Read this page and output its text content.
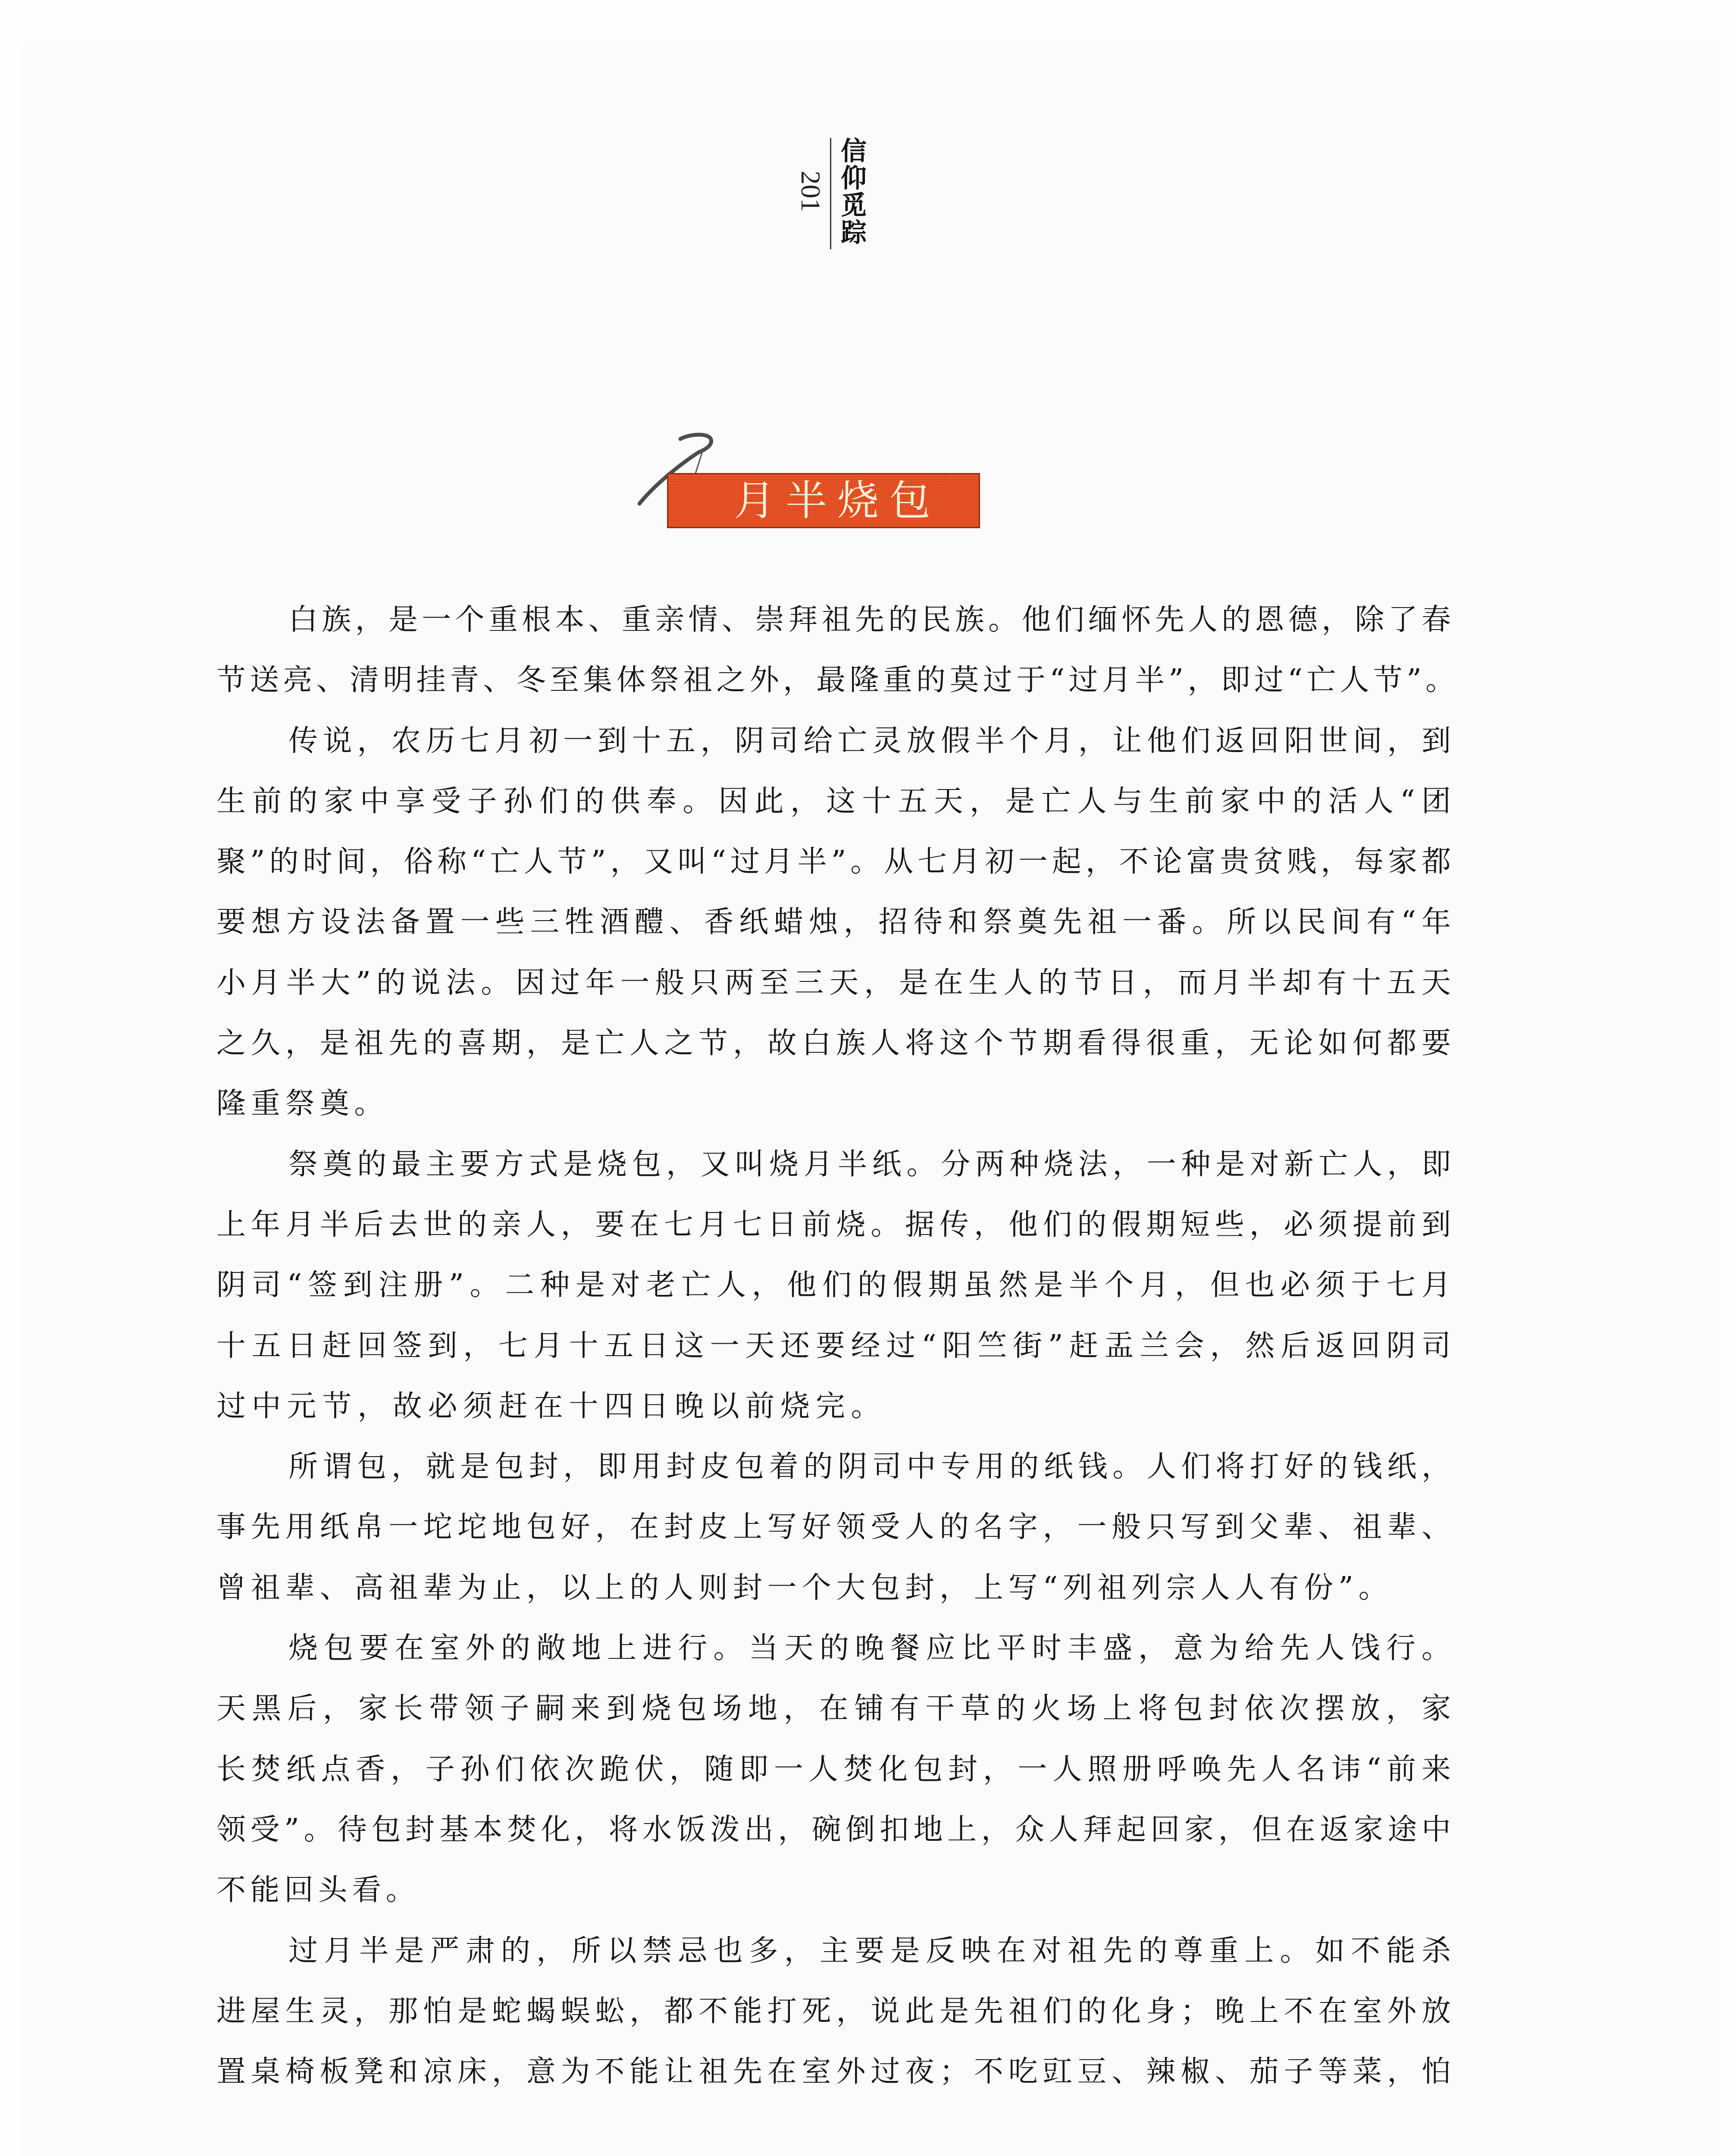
信仰觅踪
201
月半烧包
白族，是一个重根本、重亲情、崇拜祖先的民族。他们缅怀先人的恩德，除了春
节送亮、清明挂青、冬至集体祭祖之外，最隆重的莫过于“过月半”，即过“亡人节”。
传说，农历七月初一到十五，阴司给亡灵放假半个月，让他们返回阳世间，到
生前的家中享受子孙们的供奉。因此，这十五天，是亡人与生前家中的活人“团
聚”的时间，俗称“亡人节”，又叫“过月半”。从七月初一起，不论富贵贫贱，每家都
要想方设法备置一些三牲酒醴、香纸蜡烛，招待和祭奠先祖一番。所以民间有“年
小月半大”的说法。因过年一般只两至三天，是在生人的节日，而月半却有十五天
之久，是祖先的喜期，是亡人之节，故白族人将这个节期看得很重，无论如何都要
隆重祭奠。
祭奠的最主要方式是烧包，又叫烧月半纸。分两种烧法，一种是对新亡人，即
上年月半后去世的亲人，要在七月七日前烧。据传，他们的假期短些，必须提前到
阴司“签到注册”。二种是对老亡人，他们的假期虽然是半个月，但也必须于七月
十五日赶回签到，七月十五日这一天还要经过“阳竺街”赶盂兰会，然后返回阴司
过中元节，故必须赶在十四日晚以前烧完。
所谓包，就是包封，即用封皮包着的阴司中专用的纸钱。人们将打好的钱纸，
事先用纸帛一坨坨地包好，在封皮上写好领受人的名字，一般只写到父辈、祖辈、
曾祖辈、高祖辈为止，以上的人则封一个大包封，上写“列祖列宗人人有份”。
烧包要在室外的敞地上进行。当天的晚餐应比平时丰盛，意为给先人饯行。
天黑后，家长带领子嗣来到烧包场地，在铺有干草的火场上将包封依次摆放，家
长焚纸点香，子孙们依次跪伏，随即一人焚化包封，一人照册呼唤先人名讳“前来
领受”。待包封基本焚化，将水饭泼出，碗倒扣地上，众人拜起回家，但在返家途中
不能回头看。
过月半是严肃的，所以禁忌也多，主要是反映在对祖先的尊重上。如不能杀
进屋生灵，那怕是蛇蝎蜈蚣，都不能打死，说此是先祖们的化身；晚上不在室外放
置桌椅板凳和凉床，意为不能让祖先在室外过夜；不吃豇豆、辣椒、茄子等菜，怕
